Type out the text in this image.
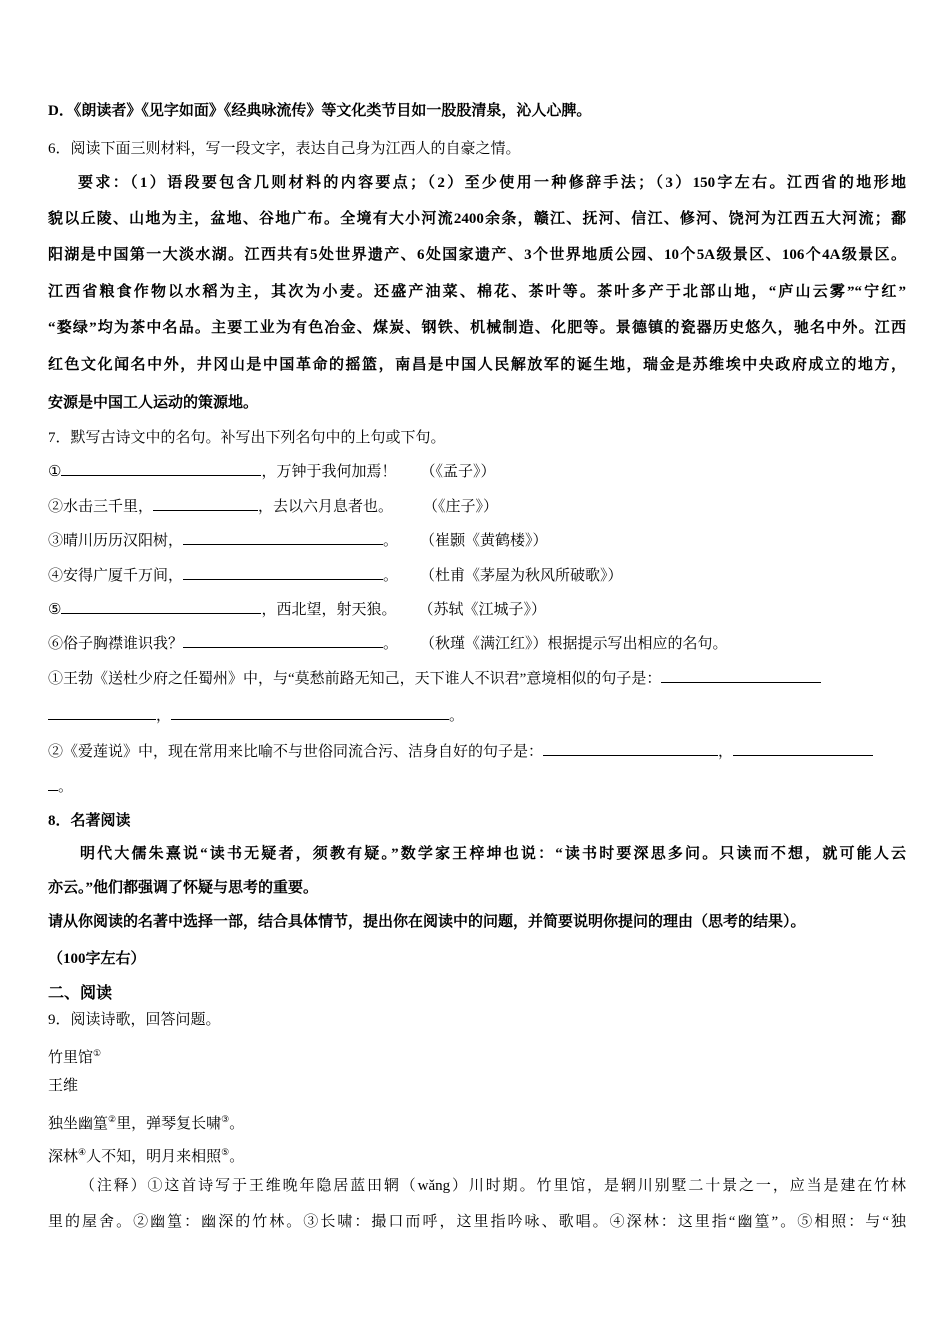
D．《朗读者》《见字如面》《经典咏流传》等文化类节目如一股股清泉，沁人心脾。
6．阅读下面三则材料，写一段文字，表达自己身为江西人的自豪之情。
要求：（1）语段要包含几则材料的内容要点；（2）至少使用一种修辞手法；（3）150字左右。江西省的地形地
貌以丘陵、山地为主，盆地、谷地广布。全境有大小河流2400余条，赣江、抚河、信江、修河、饶河为江西五大河流；鄱
阳湖是中国第一大淡水湖。江西共有5处世界遗产、6处国家遗产、3个世界地质公园、10个5A级景区、106个4A级景区。
江西省粮食作物以水稻为主，其次为小麦。还盛产油菜、棉花、茶叶等。茶叶多产于北部山地，“庐山云雾”“宁红”
“婺绿”均为茶中名品。主要工业为有色冶金、煤炭、钢铁、机械制造、化肥等。景德镇的瓷器历史悠久，驰名中外。江西
红色文化闻名中外，井冈山是中国革命的摇篮，南昌是中国人民解放军的诞生地，瑞金是苏维埃中央政府成立的地方，
安源是中国工人运动的策源地。
7．默写古诗文中的名句。补写出下列名句中的上句或下句。
①	，万钟于我何加焉！ （《孟子》）
②水击三千里，	，去以六月息者也。 （《庄子》）
③晴川历历汉阳树，	。 （崔颢《黄鹤楼》）
④安得广厦千万间，	。 （杜甫《茅屋为秋风所破歌》）
⑤	，西北望，射天狼。 （苏轼《江城子》）
⑥俗子胸襟谁识我？	。 （秋瑾《满江红》）根据提示写出相应的名句。
①王勃《送杜少府之任蜀州》中，与“莫愁前路无知己，天下谁人不识君”意境相似的句子是：
，	。
②《爱莲说》中，现在常用来比喻不与世俗同流合污、洁身自好的句子是：	，
。
8．名著阅读
明代大儒朱熹说“读书无疑者，须教有疑。”数学家王梓坤也说：“读书时要深思多问。只读而不想，就可能人云
亦云。”他们都强调了怀疑与思考的重要。
请从你阅读的名著中选择一部，结合具体情节，提出你在阅读中的问题，并简要说明你提问的理由（思考的结果）。
（100字左右）
二、阅读
9．阅读诗歌，回答问题。
竹里馆①
王维
独坐幽篁②里，弹琴复长啸③。
深林④人不知，明月来相照⑤。
（注释）①这首诗写于王维晚年隐居蓝田辋（wǎng）川时期。竹里馆，是辋川别墅二十景之一，应当是建在竹林
里的屋舍。②幽篁：幽深的竹林。③长啸：撮口而呼，这里指吟咏、歌唱。④深林：这里指“幽篁”。⑤相照：与“独
